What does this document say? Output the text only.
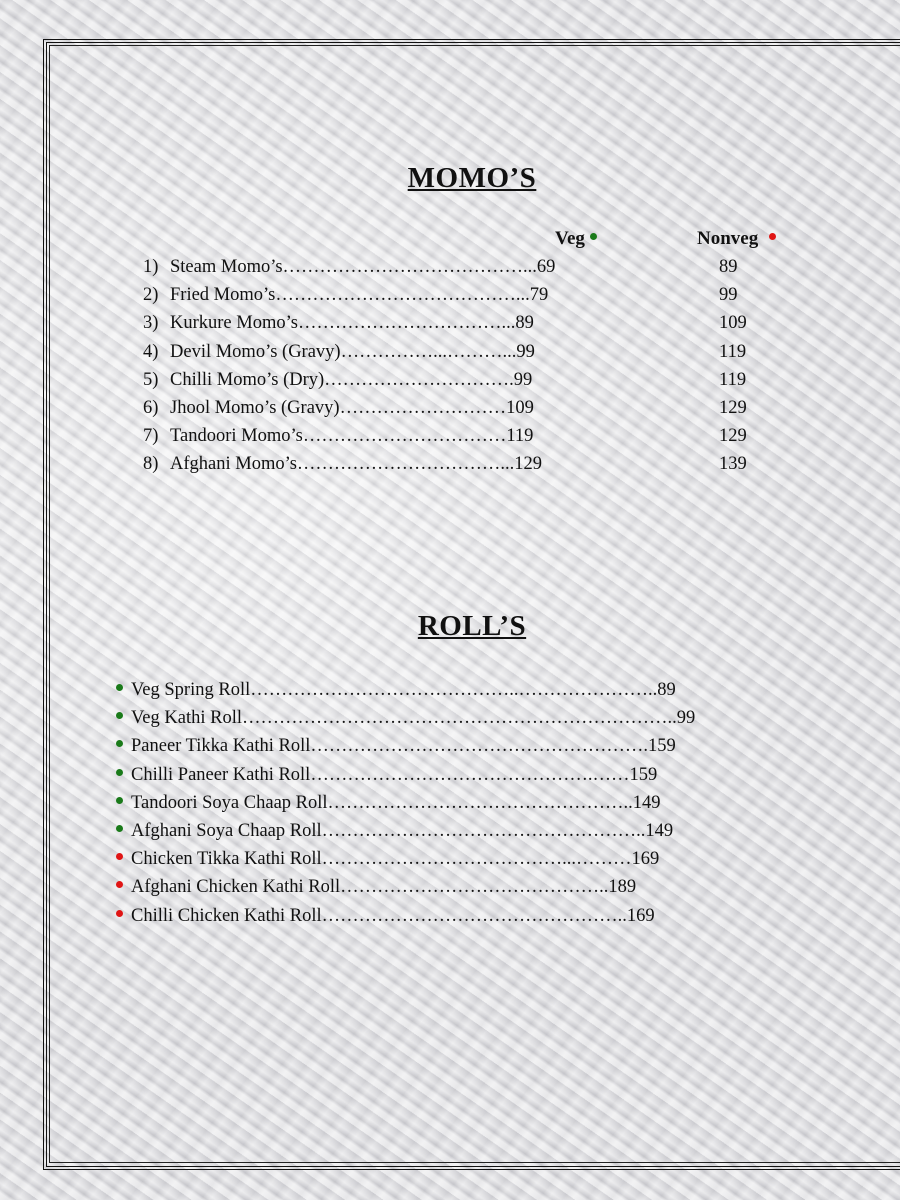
MOMO’S
Veg	Nonveg
1) Steam Momo’s…………………………………...69	89
2) Fried Momo’s…………………………………...79	99
3) Kurkure Momo’s……………………………...89	109
4) Devil Momo’s (Gravy)……………...………...99	119
5) Chilli Momo’s (Dry)………………………….99	119
6) Jhool Momo’s (Gravy)………………………109	129
7) Tandoori Momo’s……………………………119	129
8) Afghani Momo’s……………………………...129	139
ROLL’S
Veg Spring Roll……………………………………..…………………..89
Veg Kathi Roll……………………………………………………………..99
Paneer Tikka Kathi Roll……………………………………………….159
Chilli Paneer Kathi Roll……………………………………….……159
Tandoori Soya Chaap Roll…………………………………………..149
Afghani Soya Chaap Roll……………………………………………..149
Chicken Tikka Kathi Roll…………………………………...………169
Afghani Chicken Kathi Roll……………………………………..189
Chilli Chicken Kathi Roll…………………………………………..169
